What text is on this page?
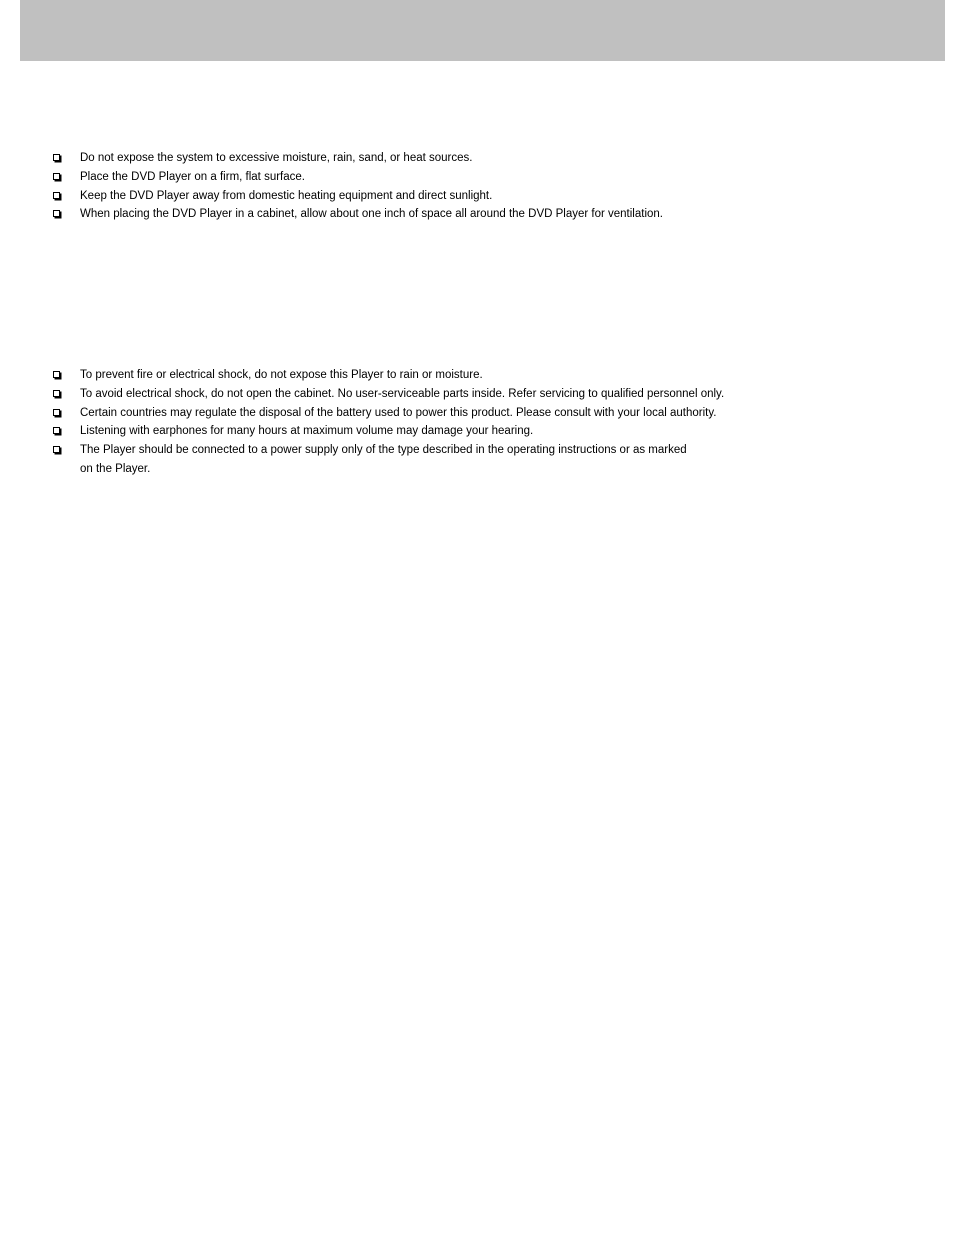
Do not expose the system to excessive moisture, rain, sand, or heat sources.
Place the DVD Player on a firm, flat surface.
Keep the DVD Player away from domestic heating equipment and direct sunlight.
When placing the DVD Player in a cabinet, allow about one inch of space all around the DVD Player for ventilation.
To prevent fire or electrical shock, do not expose this Player to rain or moisture.
To avoid electrical shock, do not open the cabinet. No user-serviceable parts inside. Refer servicing to qualified personnel only.
Certain countries may regulate the disposal of the battery used to power this product. Please consult with your local authority.
Listening with earphones for many hours at maximum volume may damage your hearing.
The Player should be connected to a power supply only of the type described in the operating instructions or as marked
on the Player.
